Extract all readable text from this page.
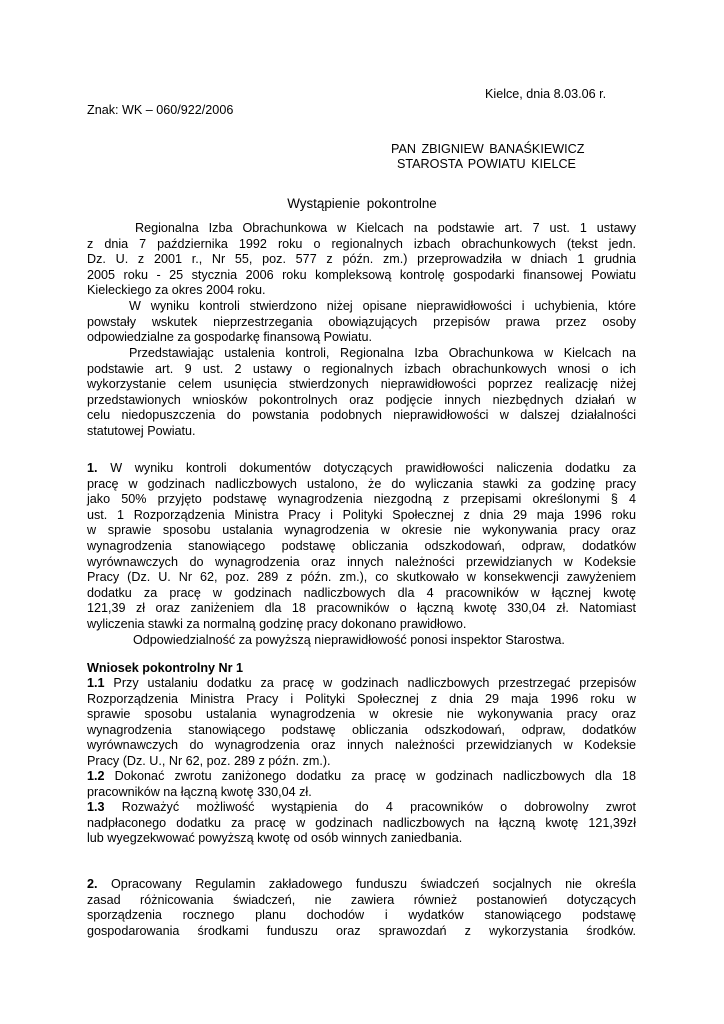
Kielce, dnia 8.03.06 r.
Znak: WK – 060/922/2006
PAN ZBIGNIEW BANAŚKIEWICZ
STAROSTA POWIATU KIELCE
Wystąpienie pokontrolne
Regionalna Izba Obrachunkowa w Kielcach na podstawie art. 7 ust. 1 ustawy
z dnia 7 października 1992 roku o regionalnych izbach obrachunkowych (tekst jedn.
Dz. U. z 2001 r., Nr 55, poz. 577 z późn. zm.) przeprowadziła w dniach 1 grudnia
2005 roku - 25 stycznia 2006 roku kompleksową kontrolę gospodarki finansowej Powiatu
Kieleckiego za okres 2004 roku.
W wyniku kontroli stwierdzono niżej opisane nieprawidłowości i uchybienia, które
powstały wskutek nieprzestrzegania obowiązujących przepisów prawa przez osoby
odpowiedzialne za gospodarkę finansową Powiatu.
Przedstawiając ustalenia kontroli, Regionalna Izba Obrachunkowa w Kielcach na
podstawie art. 9 ust. 2 ustawy o regionalnych izbach obrachunkowych wnosi o ich
wykorzystanie celem usunięcia stwierdzonych nieprawidłowości poprzez realizację niżej
przedstawionych wniosków pokontrolnych oraz podjęcie innych niezbędnych działań w
celu niedopuszczenia do powstania podobnych nieprawidłowości w dalszej działalności
statutowej Powiatu.
1. W wyniku kontroli dokumentów dotyczących prawidłowości naliczenia dodatku za
pracę w godzinach nadliczbowych ustalono, że do wyliczania stawki za godzinę pracy
jako 50% przyjęto podstawę wynagrodzenia niezgodną z przepisami określonymi § 4
ust. 1 Rozporządzenia Ministra Pracy i Polityki Społecznej z dnia 29 maja 1996 roku
w sprawie sposobu ustalania wynagrodzenia w okresie nie wykonywania pracy oraz
wynagrodzenia stanowiącego podstawę obliczania odszkodowań, odpraw, dodatków
wyrównawczych do wynagrodzenia oraz innych należności przewidzianych w Kodeksie
Pracy (Dz. U. Nr 62, poz. 289 z późn. zm.), co skutkowało w konsekwencji zawyżeniem
dodatku za pracę w godzinach nadliczbowych dla 4 pracowników w łącznej kwotę
121,39 zł oraz zaniżeniem dla 18 pracowników o łączną kwotę 330,04 zł. Natomiast
wyliczenia stawki za normalną godzinę pracy dokonano prawidłowo.
Odpowiedzialność za powyższą nieprawidłowość ponosi inspektor Starostwa.
Wniosek pokontrolny Nr 1
1.1 Przy ustalaniu dodatku za pracę w godzinach nadliczbowych przestrzegać przepisów
Rozporządzenia Ministra Pracy i Polityki Społecznej z dnia 29 maja 1996 roku w
sprawie sposobu ustalania wynagrodzenia w okresie nie wykonywania pracy oraz
wynagrodzenia stanowiącego podstawę obliczania odszkodowań, odpraw, dodatków
wyrównawczych do wynagrodzenia oraz innych należności przewidzianych w Kodeksie
Pracy (Dz. U., Nr 62, poz. 289 z późn. zm.).
1.2 Dokonać zwrotu zaniżonego dodatku za pracę w godzinach nadliczbowych dla 18
pracowników na łączną kwotę 330,04 zł.
1.3 Rozważyć możliwość wystąpienia do 4 pracowników o dobrowolny zwrot
nadpłaconego dodatku za pracę w godzinach nadliczbowych na łączną kwotę 121,39zł
lub wyegzekwować powyższą kwotę od osób winnych zaniedbania.
2. Opracowany Regulamin zakładowego funduszu świadczeń socjalnych nie określa
zasad różnicowania świadczeń, nie zawiera również postanowień dotyczących
sporządzenia rocznego planu dochodów i wydatków stanowiącego podstawę
gospodarowania środkami funduszu oraz sprawozdań z wykorzystania środków.
